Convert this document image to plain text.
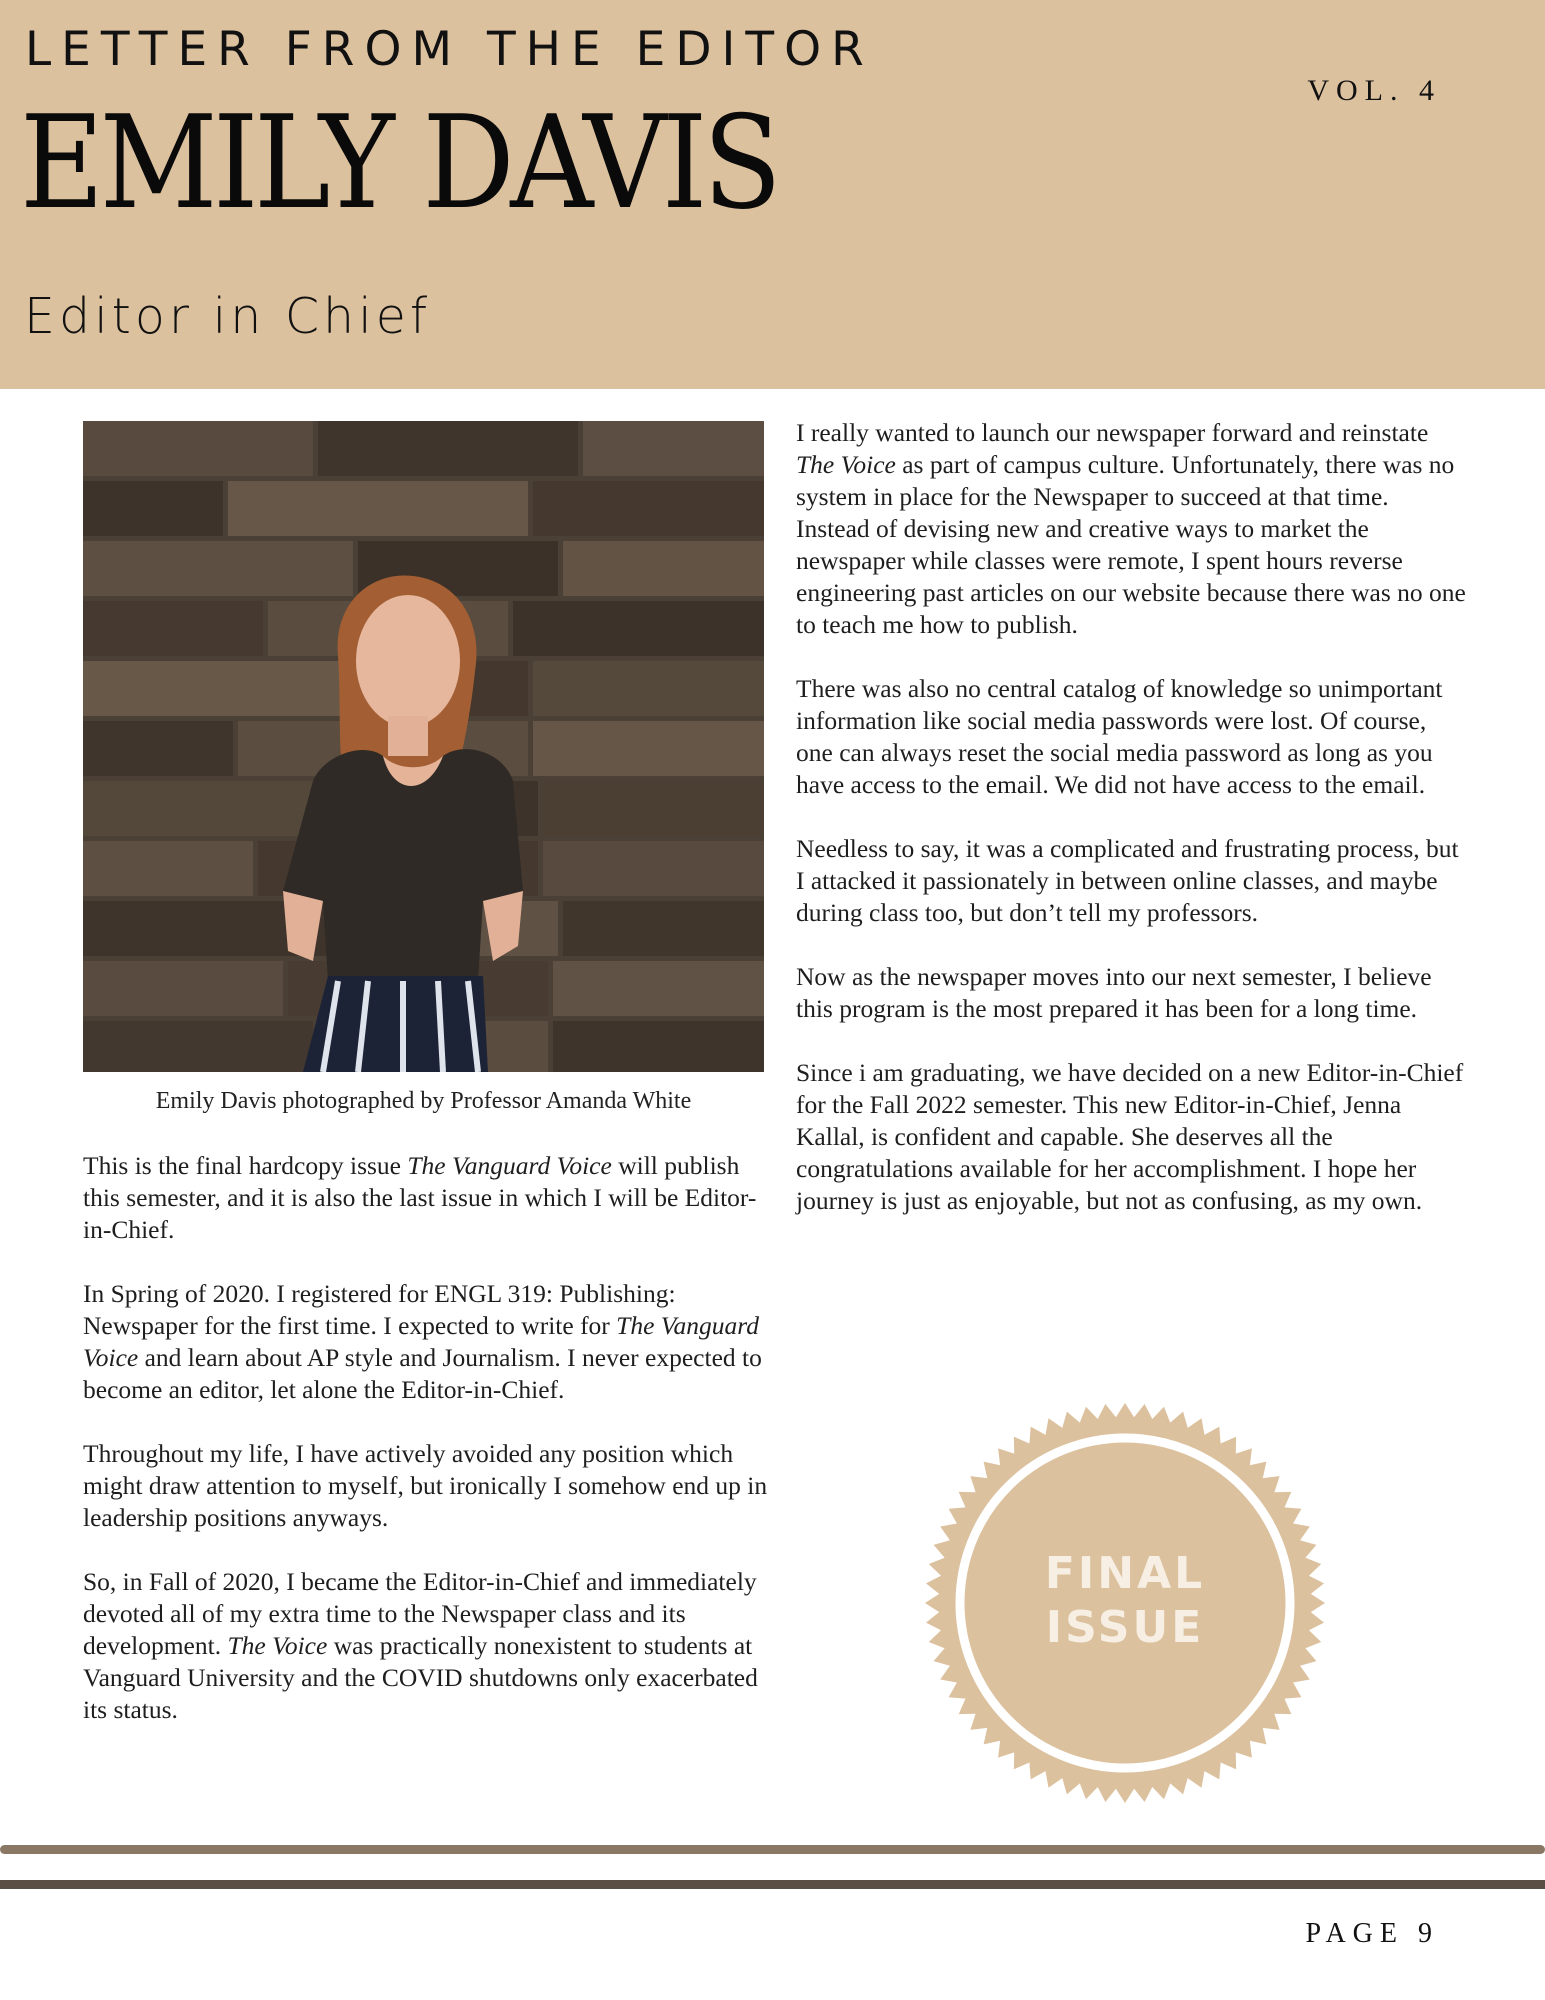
LETTER FROM THE EDITOR
EMILY DAVIS
Editor in Chief
VOL. 4
Emily Davis photographed by Professor Amanda White

This is the final hardcopy issue The Vanguard Voice will publish this semester, and it is also the last issue in which I will be Editor-in-Chief.

In Spring of 2020. I registered for ENGL 319: Publishing: Newspaper for the first time. I expected to write for The Vanguard Voice and learn about AP style and Journalism. I never expected to become an editor, let alone the Editor-in-Chief.

Throughout my life, I have actively avoided any position which might draw attention to myself, but ironically I somehow end up in leadership positions anyways.

So, in Fall of 2020, I became the Editor-in-Chief and immediately devoted all of my extra time to the Newspaper class and its development. The Voice was practically nonexistent to students at Vanguard University and the COVID shutdowns only exacerbated its status.

I really wanted to launch our newspaper forward and reinstate The Voice as part of campus culture. Unfortunately, there was no system in place for the Newspaper to succeed at that time. Instead of devising new and creative ways to market the newspaper while classes were remote, I spent hours reverse engineering past articles on our website because there was no one to teach me how to publish.

There was also no central catalog of knowledge so unimportant information like social media passwords were lost. Of course, one can always reset the social media password as long as you have access to the email. We did not have access to the email.

Needless to say, it was a complicated and frustrating process, but I attacked it passionately in between online classes, and maybe during class too, but don’t tell my professors.

Now as the newspaper moves into our next semester, I believe this program is the most prepared it has been for a long time.

Since i am graduating, we have decided on a new Editor-in-Chief for the Fall 2022 semester. This new Editor-in-Chief, Jenna Kallal, is confident and capable. She deserves all the congratulations available for her accomplishment. I hope her journey is just as enjoyable, but not as confusing, as my own.

FINAL
ISSUE
PAGE 9
